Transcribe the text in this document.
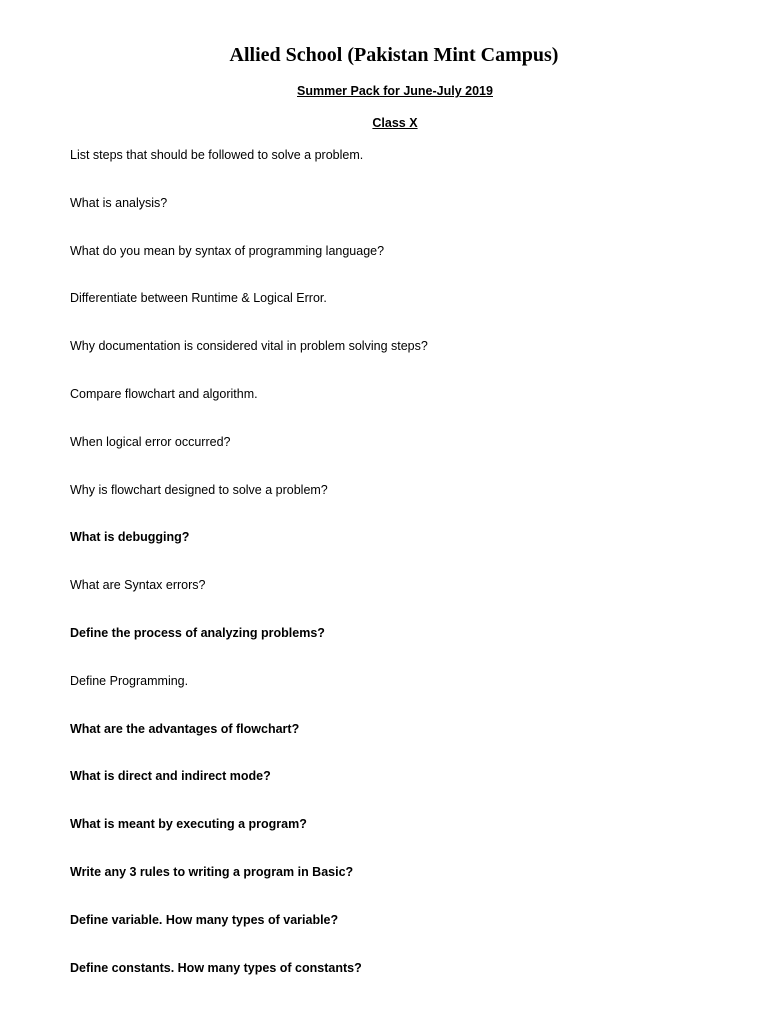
Allied School (Pakistan Mint Campus)
Summer Pack for June-July 2019
Class X
List steps that should be followed to solve a problem.
What is analysis?
What do you mean by syntax of programming language?
Differentiate between Runtime & Logical Error.
Why documentation is considered vital in problem solving steps?
Compare flowchart and algorithm.
When logical error occurred?
Why is flowchart designed to solve a problem?
What is debugging?
What are Syntax errors?
Define the process of analyzing problems?
Define Programming.
What are the advantages of flowchart?
What is direct and indirect mode?
What is meant by executing a program?
Write any 3 rules to writing a program in Basic?
Define variable. How many types of variable?
Define constants. How many types of constants?
